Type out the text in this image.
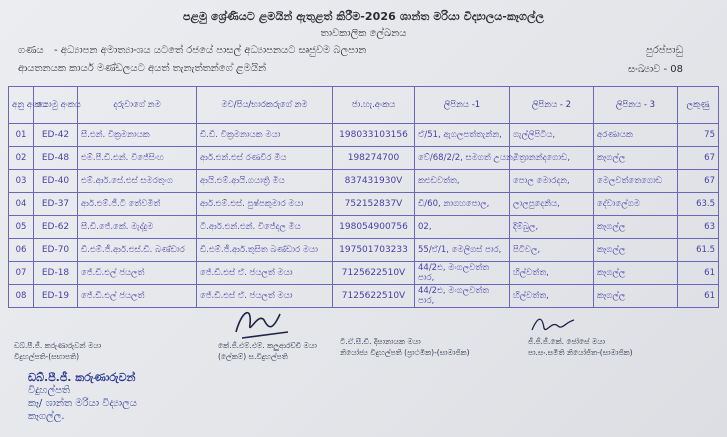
පළමු ශ්‍රේණියට ළමයින් ඇතුළත් කිරීම-2026 ශාන්ත මරියා විද්‍යාලය-කෑගල්ල
තාවකාලික ලේඛනය
ගණය - අධ්‍යාපන අමාත්‍යාංශය යටතේ රජයේ පාසල් අධ්‍යාපනයට සෘජුවම බලපාන
ආයතනයක කාර්ය මණ්ඩලයට අයත් තැනැත්තන්ගේ ළමයින්
පුරප්පාඩු
සංඛ්‍යාව - 08
අනු අංකය	යොමු අංකය	දරුවාගේ නම	මව/පිය/භාරකරුගේ නම	ජා.හැ.අංකය	ලිපිනය -1	ලිපිනය - 2	ලිපිනය - 3	ලකුණු
01	ED-42	සී.එන්. වික්‍රමනායක	ඩී.ඩී. වික්‍රමනායක මයා	198033103156	ඒ/51, ඇගලපත්තැන්න,	ගැල්ලිපිටිය,	අරණායක	75
02	ED-48	එම්.පී.ඩී.එන්. විජේසිංහ	ආර්.එන්.එස් රණවීර මිය	198274700	වේ/68/2/2, සමගත් උයන,	මිත්‍රානන්දගොඩ,	කෑගල්ල	67
03	ED-40	එම්.ආර්.සේ.එස් සමරතුංග	ආයි.එම්.ආයි.ගයාත්‍රි මිය	837431930V	කළුඩවත්ත,	පොල මොරදන,	මෙලවත්තෙගොඩ	67
04	ED-37	ආර්.එම්.ජී.ටී තේවමිත්	ආර්.එම්.එස්. පුෂ්පකුමාර මයා	752152837V	ඩී/60, නාගහපොල,	ලාලපුදෙනිය,	දේවාලේගම	63.5
05	ED-62	සී.ඩී.ජේ.කේ. මැද්දුම	ටී.ආර්.එන්.එන්. විජේදල මිය	198054900756	02,	දිම්බුල,	කෑගල්ල	63
06	ED-70	ඩී.එම්.ජී.ආර්.එස්.ඩී. බණ්ඩාර	ඩී.එම්.ජී.ආර්.තුසිත බණ්ඩාර මයා	197501703233	55/ඒ/1, මෙලිගස් පාර,	පිටිවල,	කෑගල්ල	61.5
07	ED-18	ජේ.ඩී.එල් ජයලත්	ජේ.ඩී.එස් ඒ. ජයලත් මයා	7125622510V	44/2එ, මංගලවත්ත පාර,	හිල්වත්ත,	කෑගල්ල	61
08	ED-19	ජේ.ඩී.එල් ජයලත්	ජේ.ඩී.එස් ඒ. ජයලත් මයා	7125622510V	44/2එ, මංගලවත්ත පාර,	හිල්වත්ත,	කෑගල්ල	61
ඩබ්.පී.ජී. කරුණාරුවන් මයා
විදුහල්පති-(සභාපති)
කේ.ජී.එම්.එම්. කලුආරච්චි මයා
(ලේකම්) ස.විදුහල්පති
ටී.ඒ.සී.ඩී. දිසානායක මයා
නියෝජ්‍ය විදුහල්පති (ප්‍රාථමික)-(සාමාජික)
ජී.ජී.ජී.කේ. ජෝසේ මයා
පා.සං.සමිති නියෝජිත-(සාමාජික)
ඩබ්.පී.ජී. කරුණාරුවන්
විදුහල්පති
කෑ/ ශාන්ත මරියා විද්‍යාලය
කෑගල්ල.
